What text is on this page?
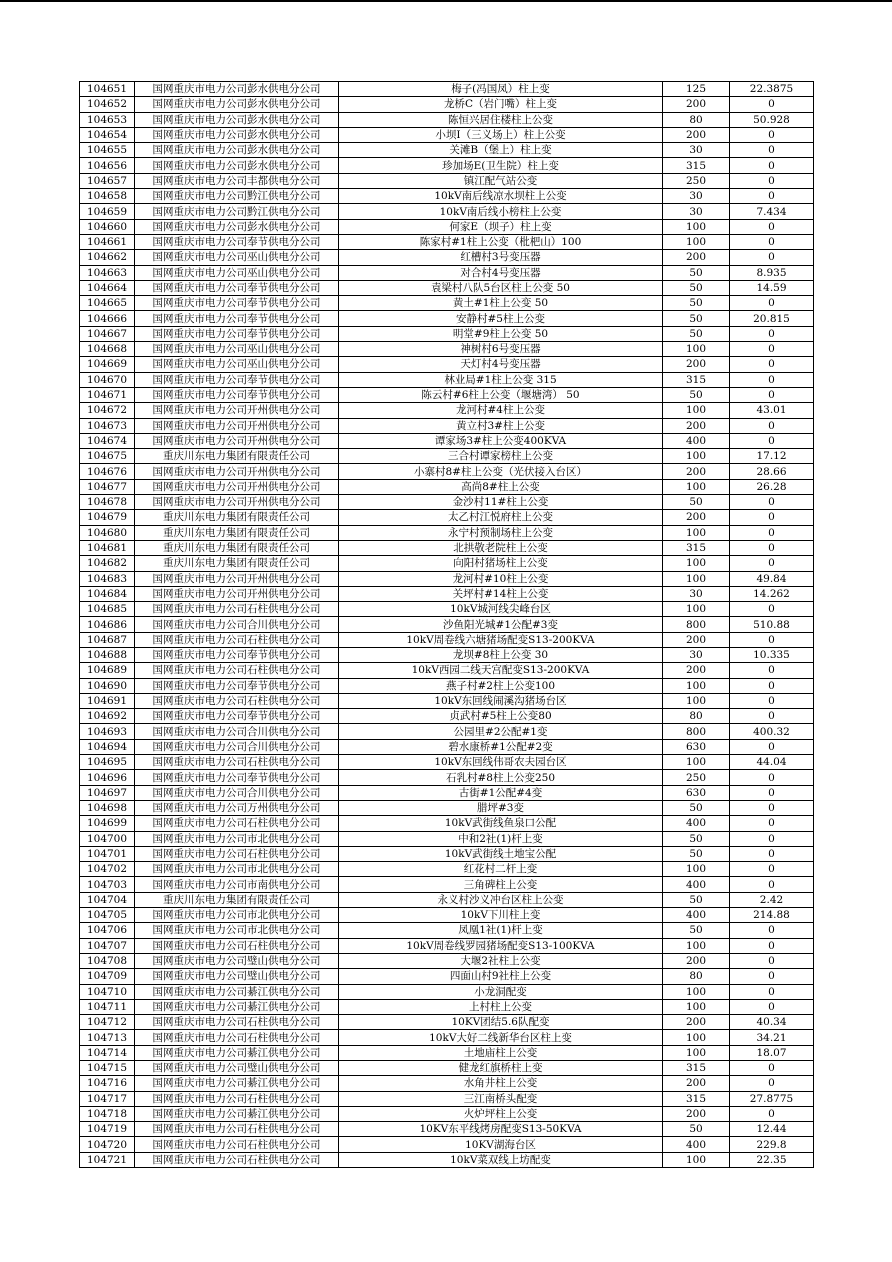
104651	国网重庆市电力公司彭水供电分公司	梅子(冯国凤）柱上变	125	22.3875
104652	国网重庆市电力公司彭水供电分公司	龙桥C（岩门嘴）柱上变	200	0
104653	国网重庆市电力公司彭水供电分公司	陈恒兴居住楼柱上公变	80	50.928
104654	国网重庆市电力公司彭水供电分公司	小坝I（三义场上）柱上公变	200	0
104655	国网重庆市电力公司彭水供电分公司	关滩B（堡上）柱上变	30	0
104656	国网重庆市电力公司彭水供电分公司	珍加场E(卫生院）柱上变	315	0
104657	国网重庆市电力公司丰都供电分公司	镇江配气站公变	250	0
104658	国网重庆市电力公司黔江供电分公司	10kV南后线凉水坝柱上公变	30	0
104659	国网重庆市电力公司黔江供电分公司	10kV南后线小榜柱上公变	30	7.434
104660	国网重庆市电力公司彭水供电分公司	何家E（坝子）柱上变	100	0
104661	国网重庆市电力公司奉节供电分公司	陈家村#1柱上公变（枇杷山）100	100	0
104662	国网重庆市电力公司巫山供电分公司	红槽村3号变压器	200	0
104663	国网重庆市电力公司巫山供电分公司	对合村4号变压器	50	8.935
104664	国网重庆市电力公司奉节供电分公司	袁梁村八队5台区柱上公变 50	50	14.59
104665	国网重庆市电力公司奉节供电分公司	黄土#1柱上公变 50	50	0
104666	国网重庆市电力公司奉节供电分公司	安静村#5柱上公变	50	20.815
104667	国网重庆市电力公司奉节供电分公司	明堂#9柱上公变 50	50	0
104668	国网重庆市电力公司巫山供电分公司	神树村6号变压器	100	0
104669	国网重庆市电力公司巫山供电分公司	天灯村4号变压器	200	0
104670	国网重庆市电力公司奉节供电分公司	林业局#1柱上公变 315	315	0
104671	国网重庆市电力公司奉节供电分公司	陈云村#6柱上公变（堰塘湾） 50	50	0
104672	国网重庆市电力公司开州供电分公司	龙河村#4柱上公变	100	43.01
104673	国网重庆市电力公司开州供电分公司	黄立村3#柱上公变	200	0
104674	国网重庆市电力公司开州供电分公司	谭家场3#柱上公变400KVA	400	0
104675	重庆川东电力集团有限责任公司	三合村谭家榜柱上公变	100	17.12
104676	国网重庆市电力公司开州供电分公司	小寨村8#柱上公变（光伏接入台区）	200	28.66
104677	国网重庆市电力公司开州供电分公司	高尚8#柱上公变	100	26.28
104678	国网重庆市电力公司开州供电分公司	金沙村11#柱上公变	50	0
104679	重庆川东电力集团有限责任公司	太乙村江悦府柱上公变	200	0
104680	重庆川东电力集团有限责任公司	永宁村预制场柱上公变	100	0
104681	重庆川东电力集团有限责任公司	北拱敬老院柱上公变	315	0
104682	重庆川东电力集团有限责任公司	向阳村猪场柱上公变	100	0
104683	国网重庆市电力公司开州供电分公司	龙河村#10柱上公变	100	49.84
104684	国网重庆市电力公司开州供电分公司	关坪村#14柱上公变	30	14.262
104685	国网重庆市电力公司石柱供电分公司	10kV城河线尖峰台区	100	0
104686	国网重庆市电力公司合川供电分公司	沙鱼阳光城#1公配#3变	800	510.88
104687	国网重庆市电力公司石柱供电分公司	10kV周卷线六塘猪场配变S13-200KVA	200	0
104688	国网重庆市电力公司奉节供电分公司	龙坝#8柱上公变 30	30	10.335
104689	国网重庆市电力公司石柱供电分公司	10kV西园二线天宫配变S13-200KVA	200	0
104690	国网重庆市电力公司奉节供电分公司	燕子村#2柱上公变100	100	0
104691	国网重庆市电力公司石柱供电分公司	10kV东回线闹溪沟猪场台区	100	0
104692	国网重庆市电力公司奉节供电分公司	贞武村#5柱上公变80	80	0
104693	国网重庆市电力公司合川供电分公司	公园里#2公配#1变	800	400.32
104694	国网重庆市电力公司合川供电分公司	碧水康桥#1公配#2变	630	0
104695	国网重庆市电力公司石柱供电分公司	10kV东回线伟哥农夫园台区	100	44.04
104696	国网重庆市电力公司奉节供电分公司	石乳村#8柱上公变250	250	0
104697	国网重庆市电力公司合川供电分公司	古街#1公配#4变	630	0
104698	国网重庆市电力公司万州供电分公司	腊坪#3变	50	0
104699	国网重庆市电力公司石柱供电分公司	10kV武街线鱼泉口公配	400	0
104700	国网重庆市电力公司市北供电分公司	中和2社(1)杆上变	50	0
104701	国网重庆市电力公司石柱供电分公司	10kV武街线土地宝公配	50	0
104702	国网重庆市电力公司市北供电分公司	红花村二杆上变	100	0
104703	国网重庆市电力公司市南供电分公司	三角碑柱上公变	400	0
104704	重庆川东电力集团有限责任公司	永义村沙义冲台区柱上公变	50	2.42
104705	国网重庆市电力公司市北供电分公司	10kV下川柱上变	400	214.88
104706	国网重庆市电力公司市北供电分公司	凤凰1社(1)杆上变	50	0
104707	国网重庆市电力公司石柱供电分公司	10kV周卷线罗园猪场配变S13-100KVA	100	0
104708	国网重庆市电力公司璧山供电分公司	大堰2社柱上公变	200	0
104709	国网重庆市电力公司璧山供电分公司	四面山村9社柱上公变	80	0
104710	国网重庆市电力公司綦江供电分公司	小龙洞配变	100	0
104711	国网重庆市电力公司綦江供电分公司	上村柱上公变	100	0
104712	国网重庆市电力公司石柱供电分公司	10KV团结5.6队配变	200	40.34
104713	国网重庆市电力公司石柱供电分公司	10kV大好二线新华台区柱上变	100	34.21
104714	国网重庆市电力公司綦江供电分公司	土地庙柱上公变	100	18.07
104715	国网重庆市电力公司璧山供电分公司	健龙红旗桥柱上变	315	0
104716	国网重庆市电力公司綦江供电分公司	水角井柱上公变	200	0
104717	国网重庆市电力公司石柱供电分公司	三江南桥头配变	315	27.8775
104718	国网重庆市电力公司綦江供电分公司	火炉坪柱上公变	200	0
104719	国网重庆市电力公司石柱供电分公司	10KV东平线烤房配变S13-50KVA	50	12.44
104720	国网重庆市电力公司石柱供电分公司	10KV湖海台区	400	229.8
104721	国网重庆市电力公司石柱供电分公司	10kV菜双线上坊配变	100	22.35
